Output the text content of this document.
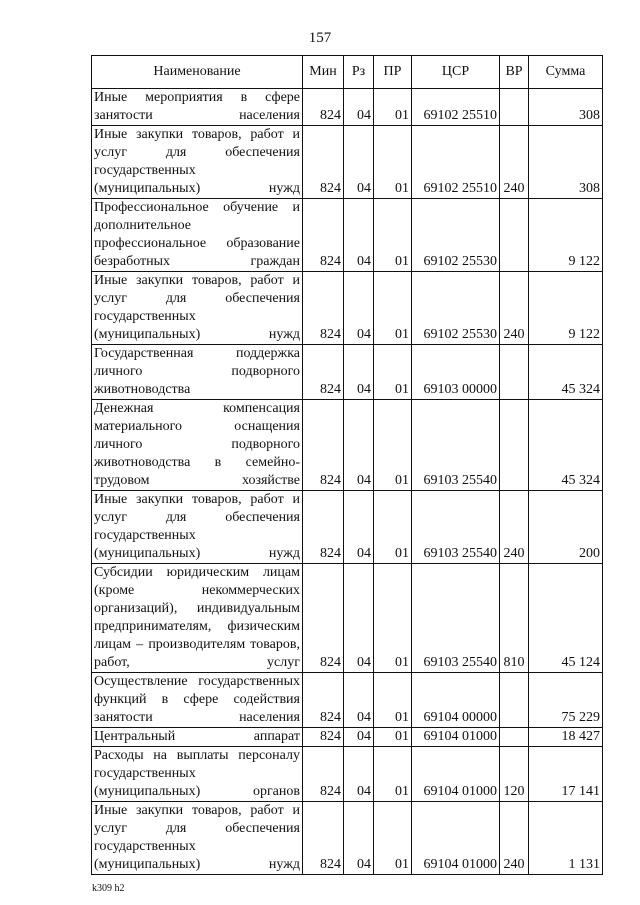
157
Наименование	Мин	Рз	ПР	ЦСР	ВР	Сумма
Иные мероприятия в сфере занятости населения	824	04	01	69102 25510		308
Иные закупки товаров, работ и услуг для обеспечения государственных (муниципальных) нужд	824	04	01	69102 25510	240	308
Профессиональное обучение и дополнительное профессиональное образование безработных граждан	824	04	01	69102 25530		9 122
Иные закупки товаров, работ и услуг для обеспечения государственных (муниципальных) нужд	824	04	01	69102 25530	240	9 122
Государственная поддержка личного подворного животноводства	824	04	01	69103 00000		45 324
Денежная компенсация материального оснащения личного подворного животноводства в семейно-трудовом хозяйстве	824	04	01	69103 25540		45 324
Иные закупки товаров, работ и услуг для обеспечения государственных (муниципальных) нужд	824	04	01	69103 25540	240	200
Субсидии юридическим лицам (кроме некоммерческих организаций), индивидуальным предпринимателям, физическим лицам – производителям товаров, работ, услуг	824	04	01	69103 25540	810	45 124
Осуществление государственных функций в сфере содействия занятости населения	824	04	01	69104 00000		75 229
Центральный аппарат	824	04	01	69104 01000		18 427
Расходы на выплаты персоналу государственных (муниципальных) органов	824	04	01	69104 01000	120	17 141
Иные закупки товаров, работ и услуг для обеспечения государственных (муниципальных) нужд	824	04	01	69104 01000	240	1 131
k309 h2
